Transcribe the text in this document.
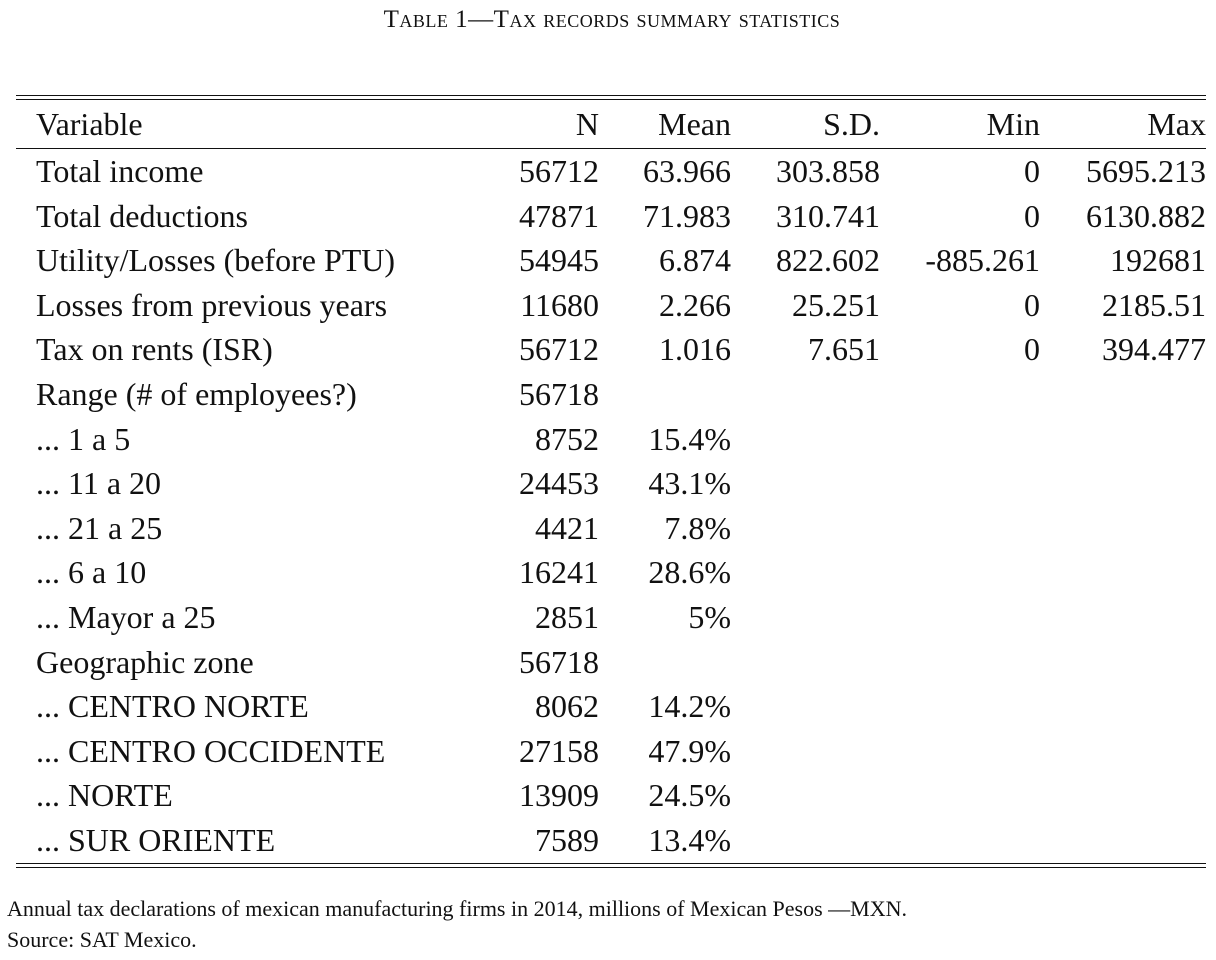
Table 1—Tax records summary statistics
Variable	N	Mean	S.D.	Min	Max
Total income	56712	63.966	303.858	0	5695.213
Total deductions	47871	71.983	310.741	0	6130.882
Utility/Losses (before PTU)	54945	6.874	822.602	-885.261	192681
Losses from previous years	11680	2.266	25.251	0	2185.51
Tax on rents (ISR)	56712	1.016	7.651	0	394.477
Range (# of employees?)	56718				
... 1 a 5	8752	15.4%			
... 11 a 20	24453	43.1%			
... 21 a 25	4421	7.8%			
... 6 a 10	16241	28.6%			
... Mayor a 25	2851	5%			
Geographic zone	56718				
... CENTRO NORTE	8062	14.2%			
... CENTRO OCCIDENTE	27158	47.9%			
... NORTE	13909	24.5%			
... SUR ORIENTE	7589	13.4%			
Annual tax declarations of mexican manufacturing firms in 2014, millions of Mexican Pesos —MXN.
Source: SAT Mexico.
